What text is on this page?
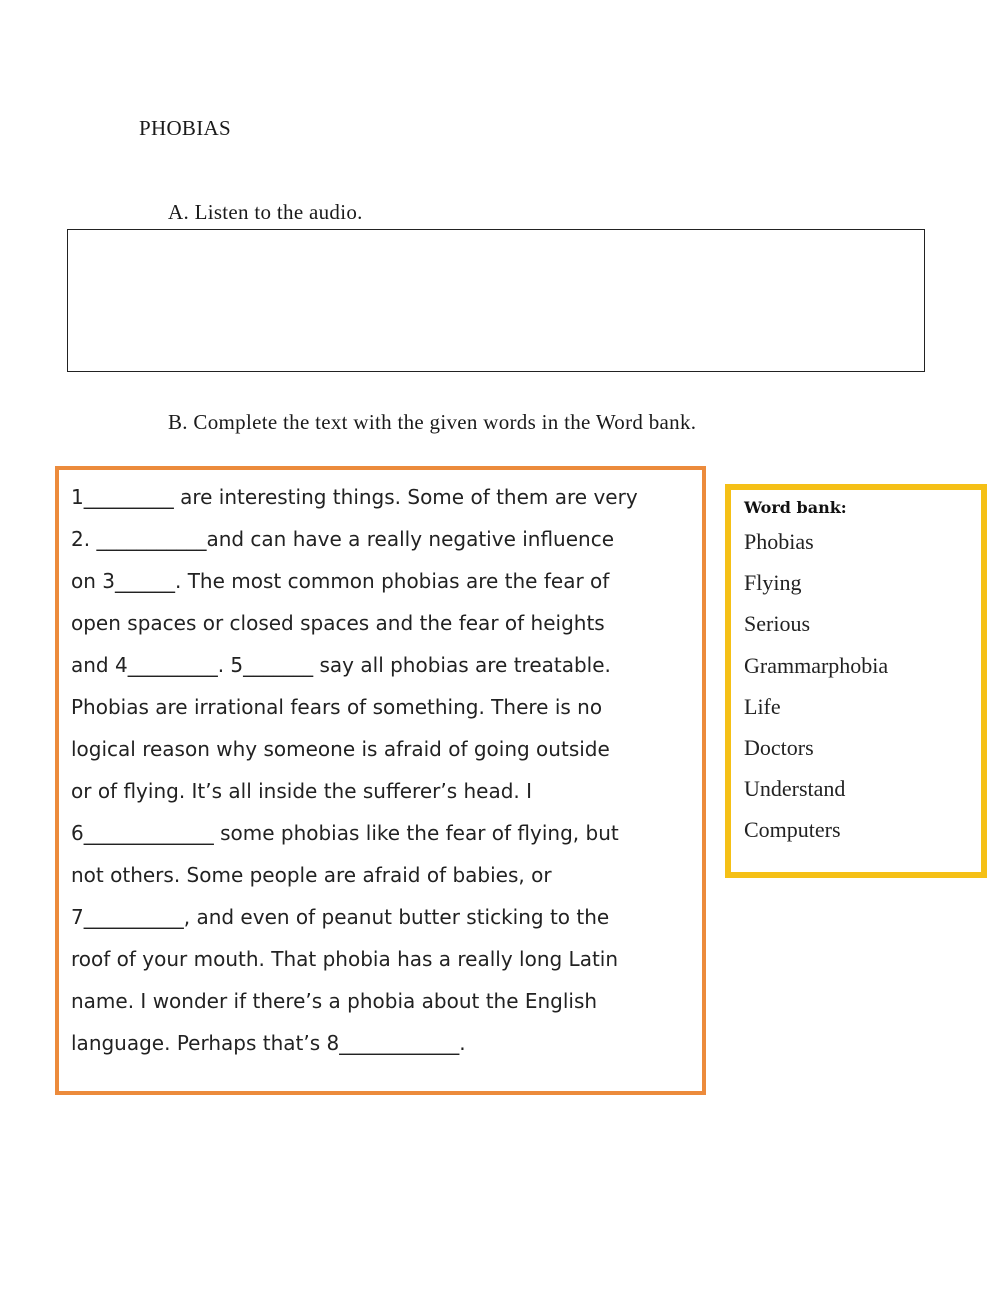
PHOBIAS

A. Listen to the audio.

B. Complete the text with the given words in the Word bank.

1_________ are interesting things. Some of them are very
2. ___________and can have a really negative influence
on 3______. The most common phobias are the fear of
open spaces or closed spaces and the fear of heights
and 4_________. 5_______ say all phobias are treatable.
Phobias are irrational fears of something. There is no
logical reason why someone is afraid of going outside
or of flying. It’s all inside the sufferer’s head. I
6_____________ some phobias like the fear of flying, but
not others. Some people are afraid of babies, or
7__________, and even of peanut butter sticking to the
roof of your mouth. That phobia has a really long Latin
name. I wonder if there’s a phobia about the English
language. Perhaps that’s 8____________.

Word bank:

Phobias
Flying
Serious
Grammarphobia
Life
Doctors
Understand
Computers
